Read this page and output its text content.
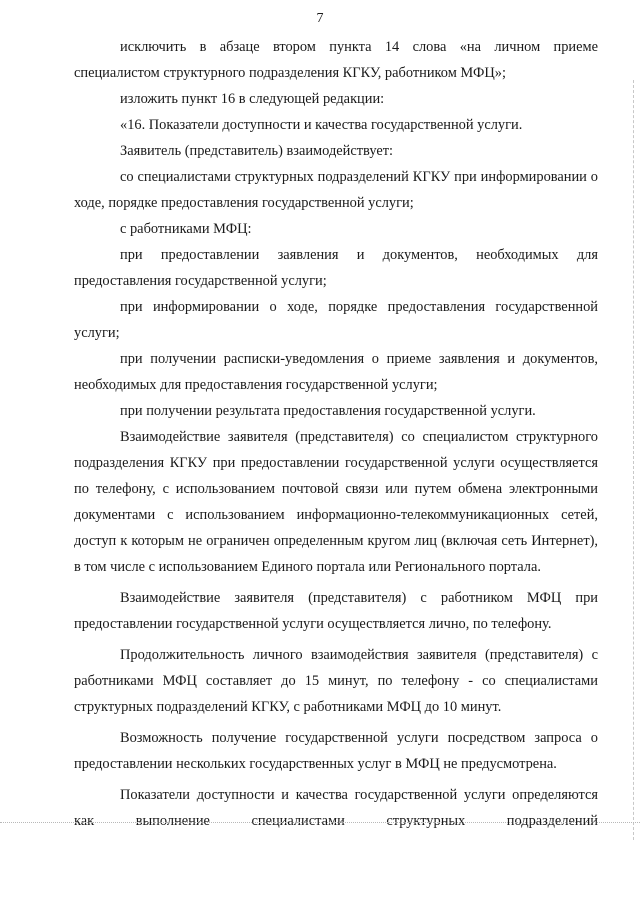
7

исключить в абзаце втором пункта 14 слова «на личном приеме специалистом структурного подразделения КГКУ, работником МФЦ»;

изложить пункт 16 в следующей редакции:

«16. Показатели доступности и качества государственной услуги.

Заявитель (представитель) взаимодействует:

со специалистами структурных подразделений КГКУ при информировании о ходе, порядке предоставления государственной услуги;

с работниками МФЦ:

при предоставлении заявления и документов, необходимых для предоставления государственной услуги;

при информировании о ходе, порядке предоставления государственной услуги;

при получении расписки-уведомления о приеме заявления и документов, необходимых для предоставления государственной услуги;

при получении результата предоставления государственной услуги.

Взаимодействие заявителя (представителя) со специалистом структурного подразделения КГКУ при предоставлении государственной услуги осуществляется по телефону, с использованием почтовой связи или путем обмена электронными документами с использованием информационно-телекоммуникационных сетей, доступ к которым не ограничен определенным кругом лиц (включая сеть Интернет), в том числе с использованием Единого портала или Регионального портала.

Взаимодействие заявителя (представителя) с работником МФЦ при предоставлении государственной услуги осуществляется лично, по телефону.

Продолжительность личного взаимодействия заявителя (представителя) с работниками МФЦ составляет до 15 минут, по телефону - со специалистами структурных подразделений КГКУ, с работниками МФЦ до 10 минут.

Возможность получение государственной услуги посредством запроса о предоставлении нескольких государственных услуг в МФЦ не предусмотрена.

Показатели доступности и качества государственной услуги определяются как выполнение специалистами структурных подразделений
